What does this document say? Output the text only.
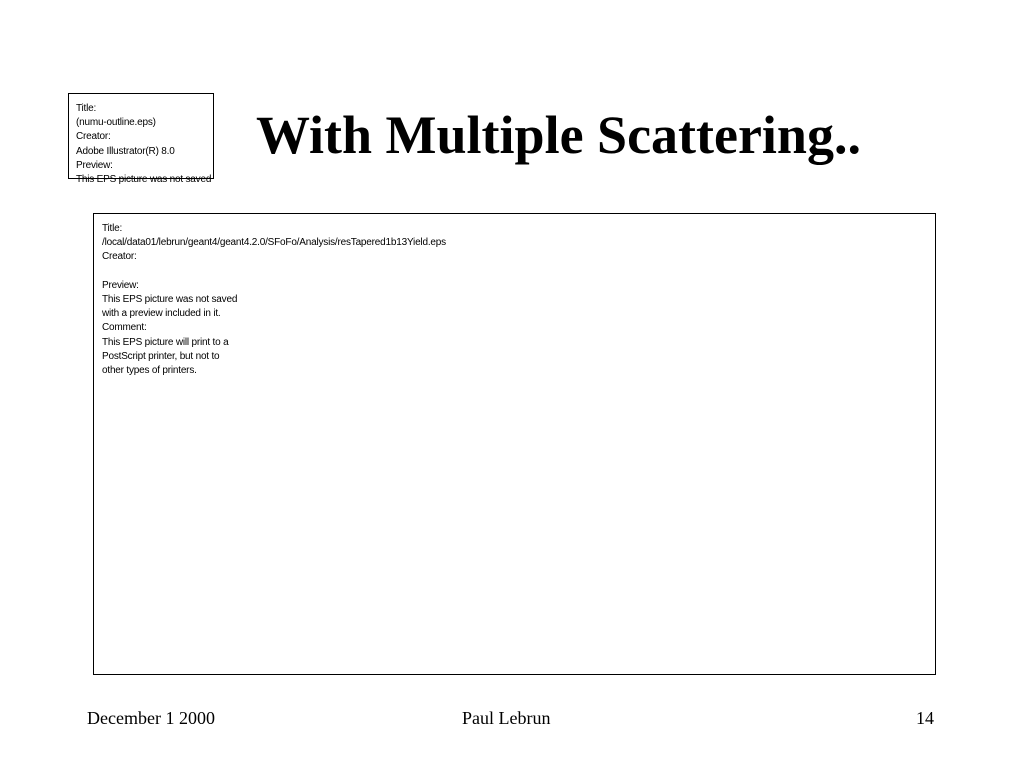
Title:
(numu-outline.eps)
Creator:
Adobe Illustrator(R) 8.0
Preview:
This EPS picture was not saved
With Multiple Scattering..
Title:
/local/data01/lebrun/geant4/geant4.2.0/SFoFo/Analysis/resTapered1b13Yield.eps
Creator:
Preview:
This EPS picture was not saved
with a preview included in it.
Comment:
This EPS picture will print to a
PostScript printer, but not to
other types of printers.
December 1 2000	Paul Lebrun	14
